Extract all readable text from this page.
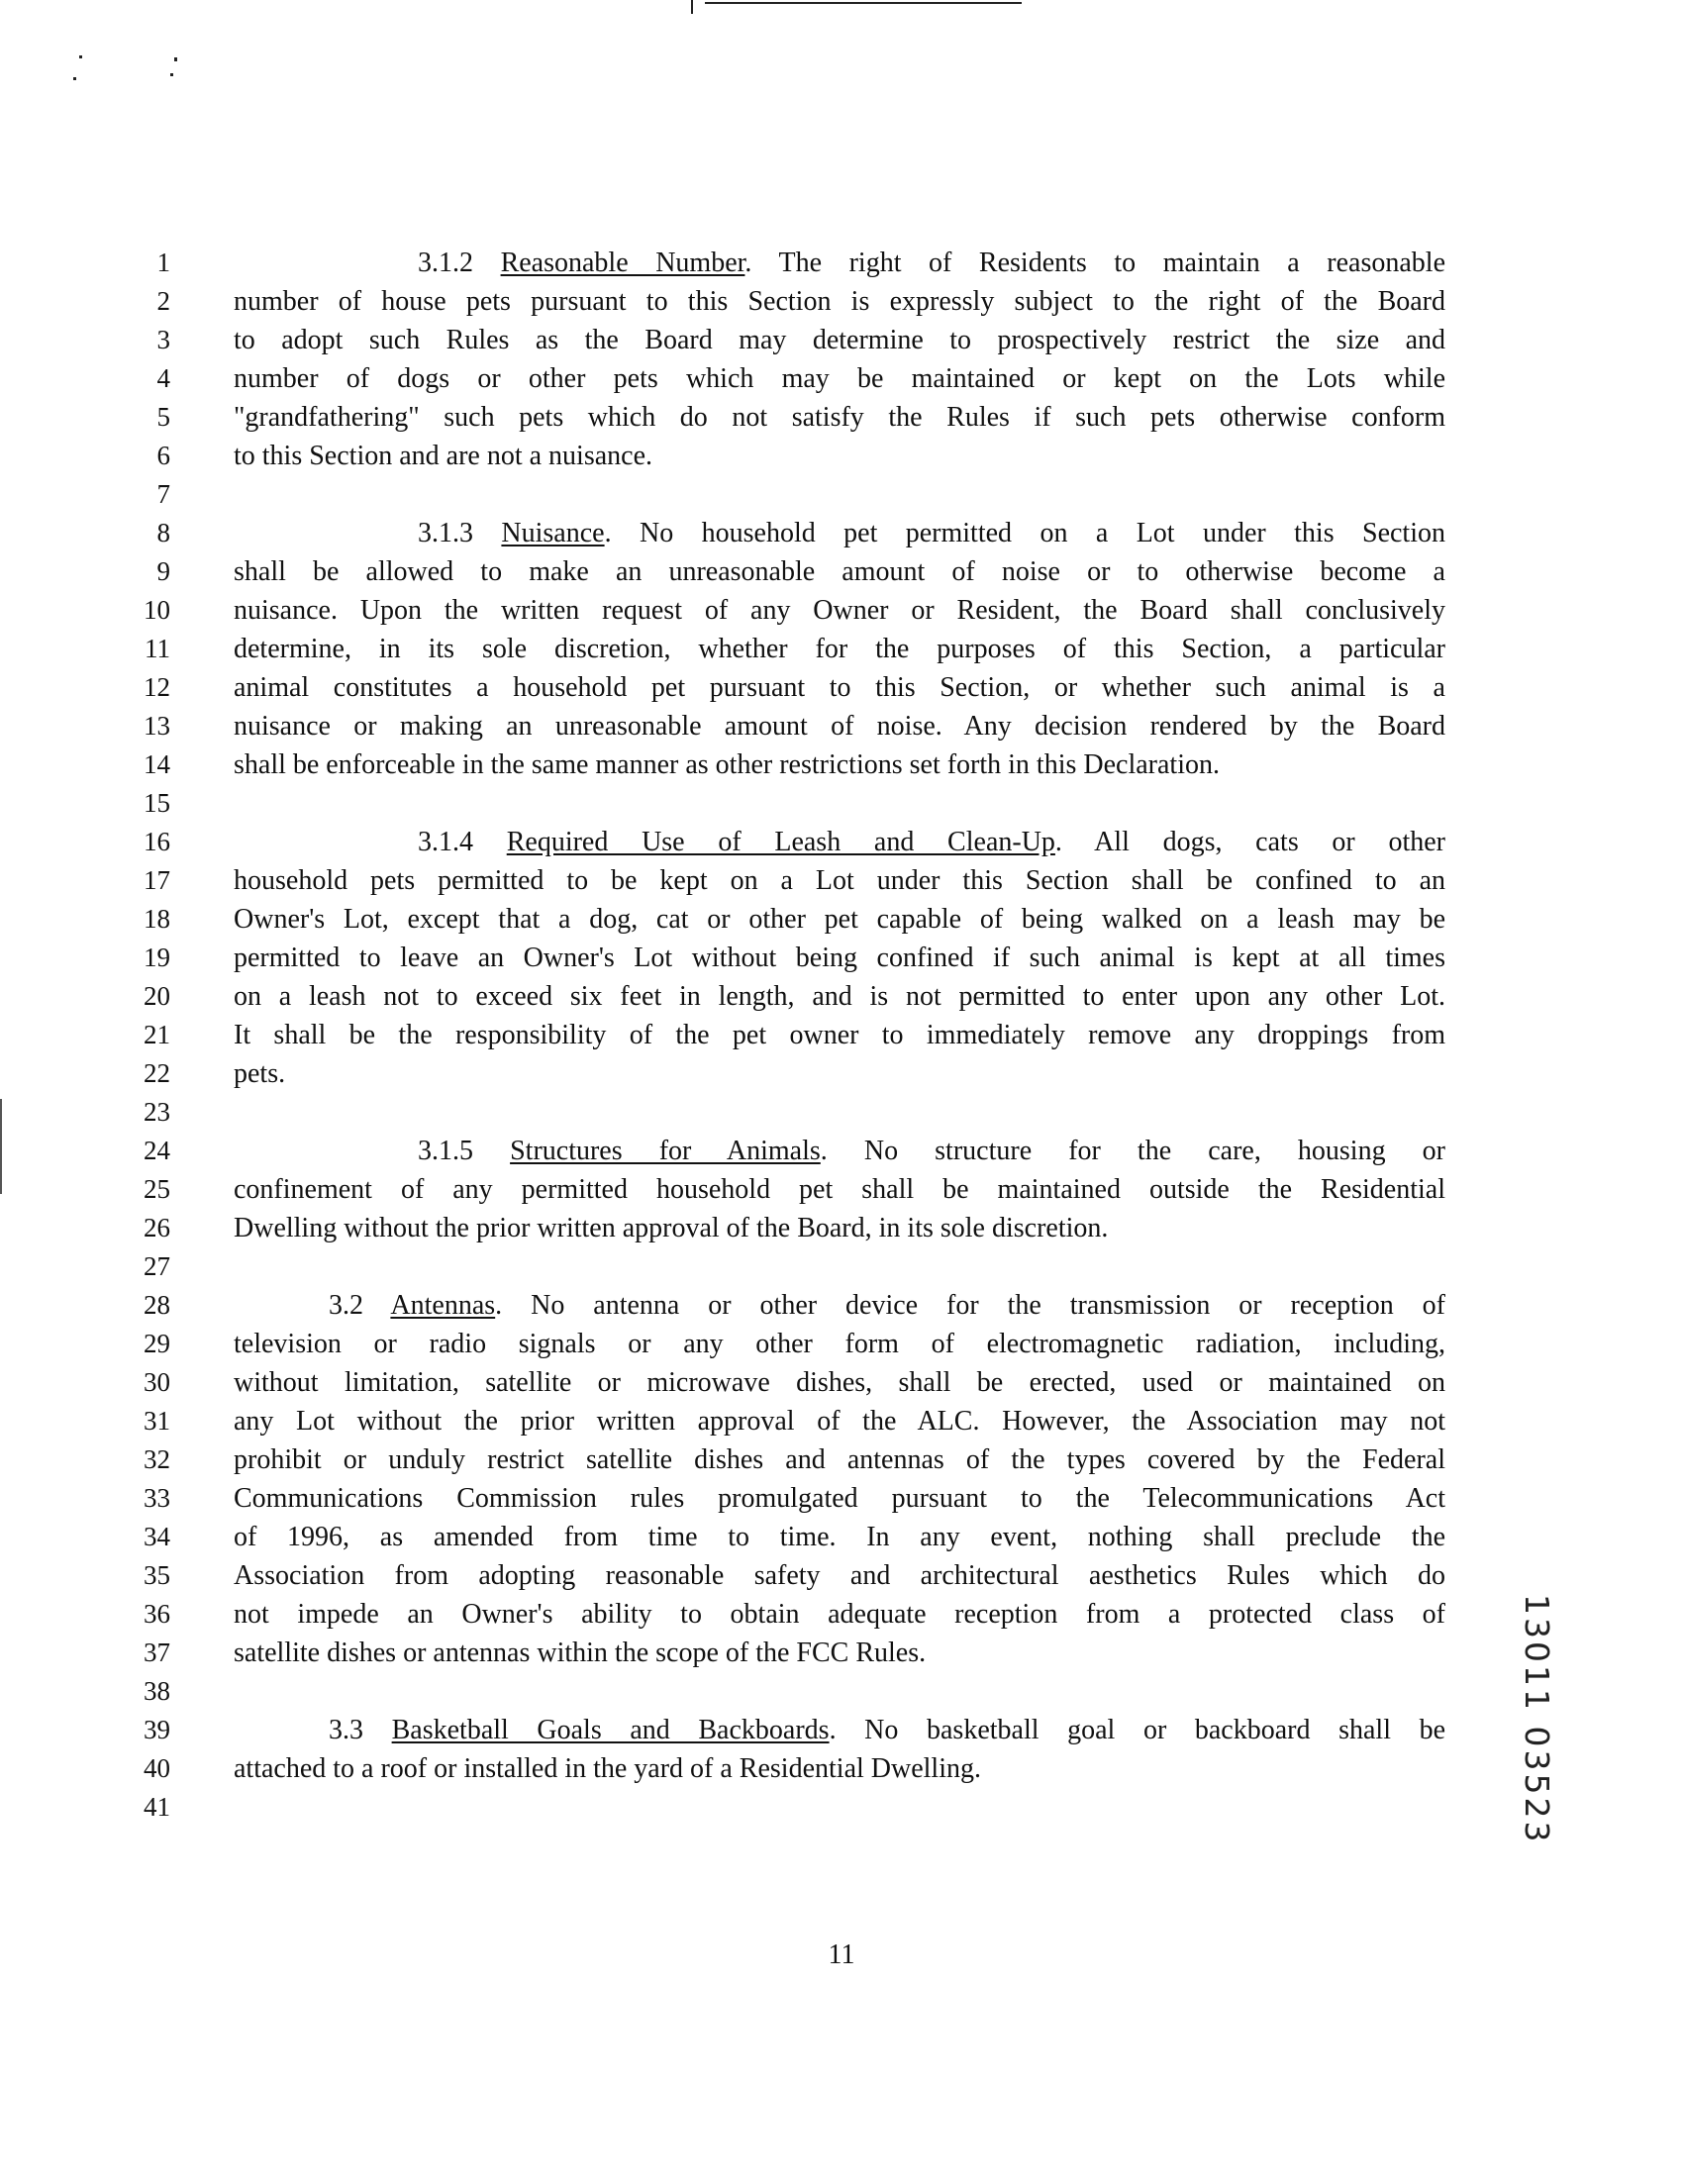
1	3.1.2 Reasonable Number. The right of Residents to maintain a reasonable
2 number of house pets pursuant to this Section is expressly subject to the right of the Board
3 to adopt such Rules as the Board may determine to prospectively restrict the size and
4 number of dogs or other pets which may be maintained or kept on the Lots while
5 "grandfathering" such pets which do not satisfy the Rules if such pets otherwise conform
6 to this Section and are not a nuisance.
7
8	3.1.3 Nuisance. No household pet permitted on a Lot under this Section
9 shall be allowed to make an unreasonable amount of noise or to otherwise become a
10 nuisance. Upon the written request of any Owner or Resident, the Board shall conclusively
11 determine, in its sole discretion, whether for the purposes of this Section, a particular
12 animal constitutes a household pet pursuant to this Section, or whether such animal is a
13 nuisance or making an unreasonable amount of noise. Any decision rendered by the Board
14 shall be enforceable in the same manner as other restrictions set forth in this Declaration.
15
16	3.1.4 Required Use of Leash and Clean-Up. All dogs, cats or other
17 household pets permitted to be kept on a Lot under this Section shall be confined to an
18 Owner's Lot, except that a dog, cat or other pet capable of being walked on a leash may be
19 permitted to leave an Owner's Lot without being confined if such animal is kept at all times
20 on a leash not to exceed six feet in length, and is not permitted to enter upon any other Lot.
21 It shall be the responsibility of the pet owner to immediately remove any droppings from
22 pets.
23
24	3.1.5 Structures for Animals. No structure for the care, housing or
25 confinement of any permitted household pet shall be maintained outside the Residential
26 Dwelling without the prior written approval of the Board, in its sole discretion.
27
28	3.2 Antennas. No antenna or other device for the transmission or reception of
29 television or radio signals or any other form of electromagnetic radiation, including,
30 without limitation, satellite or microwave dishes, shall be erected, used or maintained on
31 any Lot without the prior written approval of the ALC. However, the Association may not
32 prohibit or unduly restrict satellite dishes and antennas of the types covered by the Federal
33 Communications Commission rules promulgated pursuant to the Telecommunications Act
34 of 1996, as amended from time to time. In any event, nothing shall preclude the
35 Association from adopting reasonable safety and architectural aesthetics Rules which do
36 not impede an Owner's ability to obtain adequate reception from a protected class of
37 satellite dishes or antennas within the scope of the FCC Rules.
38
39	3.3 Basketball Goals and Backboards. No basketball goal or backboard shall be
40 attached to a roof or installed in the yard of a Residential Dwelling.
41
11
13011 03523
